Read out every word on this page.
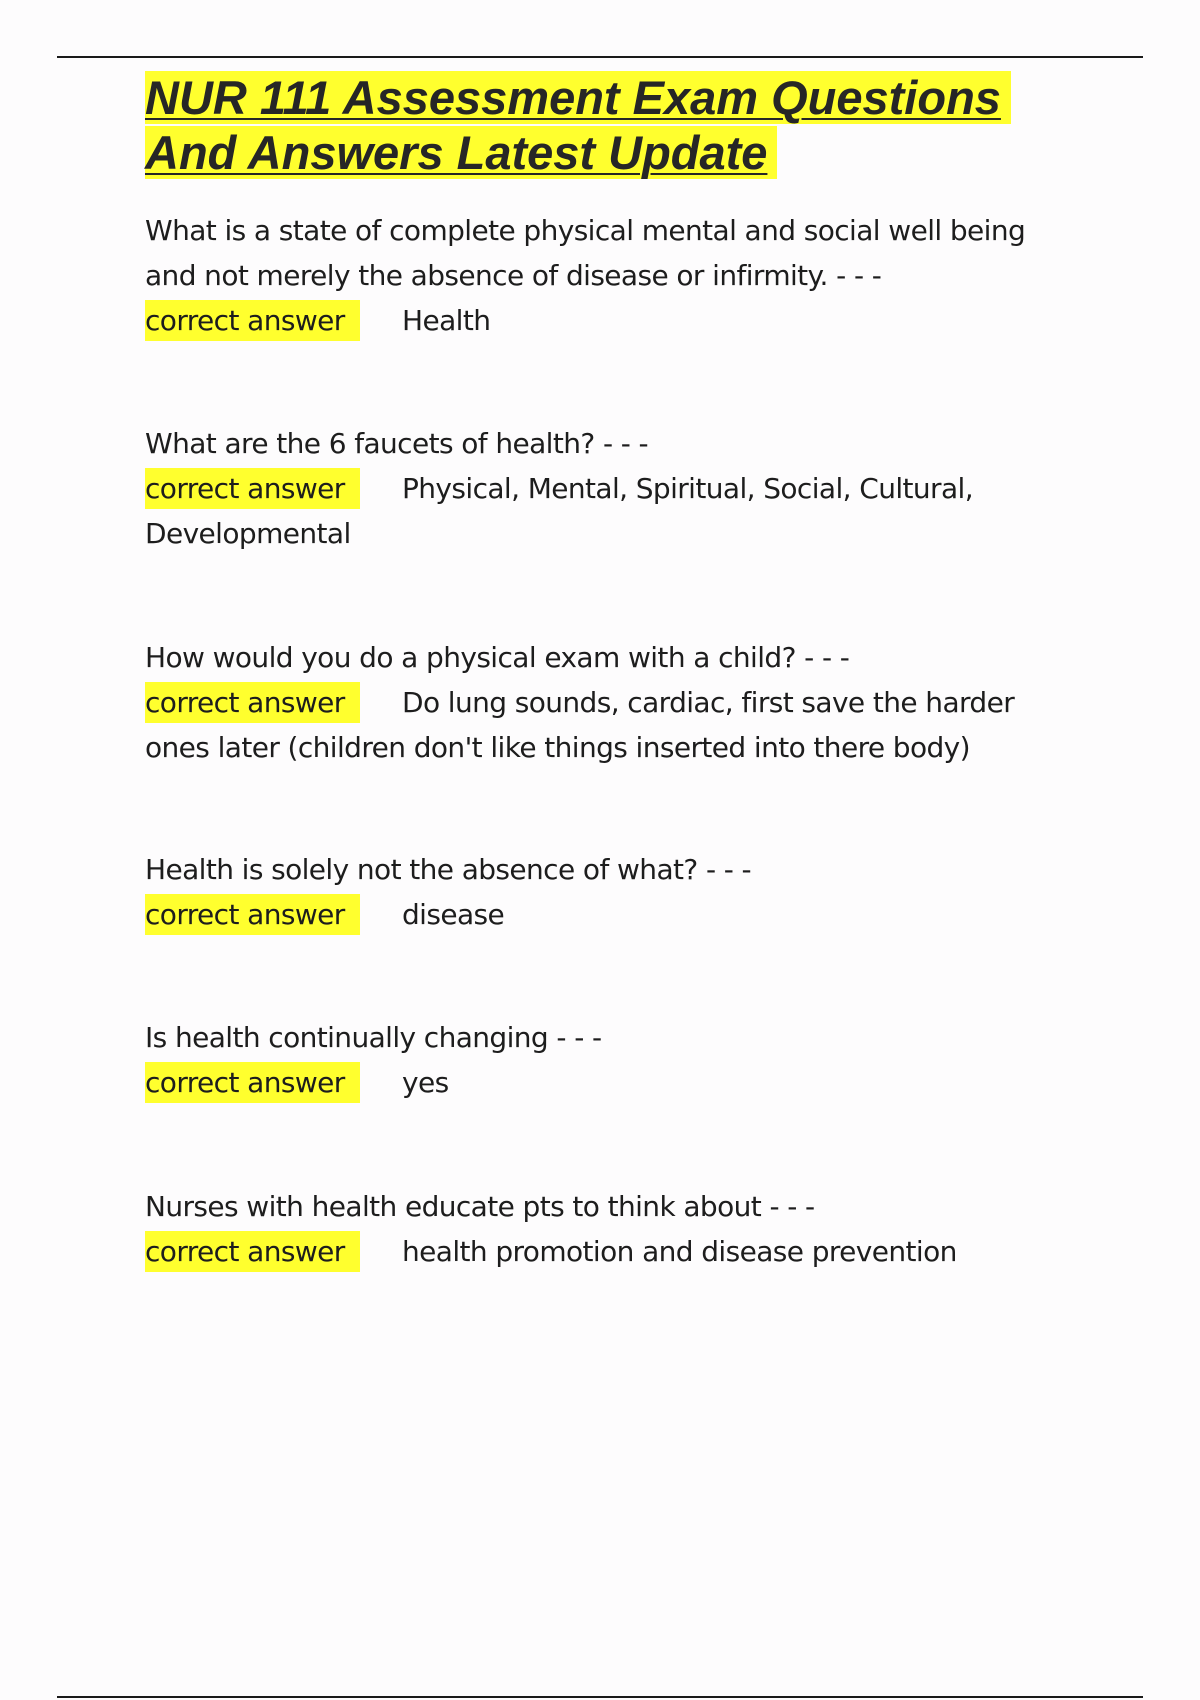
NUR 111 Assessment Exam Questions
And Answers Latest Update

What is a state of complete physical mental and social well being and not merely the absence of disease or infirmity. - - -

correct answer Health

What are the 6 faucets of health? - - -

correct answer Physical, Mental, Spiritual, Social, Cultural, Developmental

How would you do a physical exam with a child? - - -

correct answer Do lung sounds, cardiac, first save the harder ones later (children don't like things inserted into there body)

Health is solely not the absence of what? - - -

correct answer disease

Is health continually changing - - -

correct answer yes

Nurses with health educate pts to think about - - -

correct answer health promotion and disease prevention
